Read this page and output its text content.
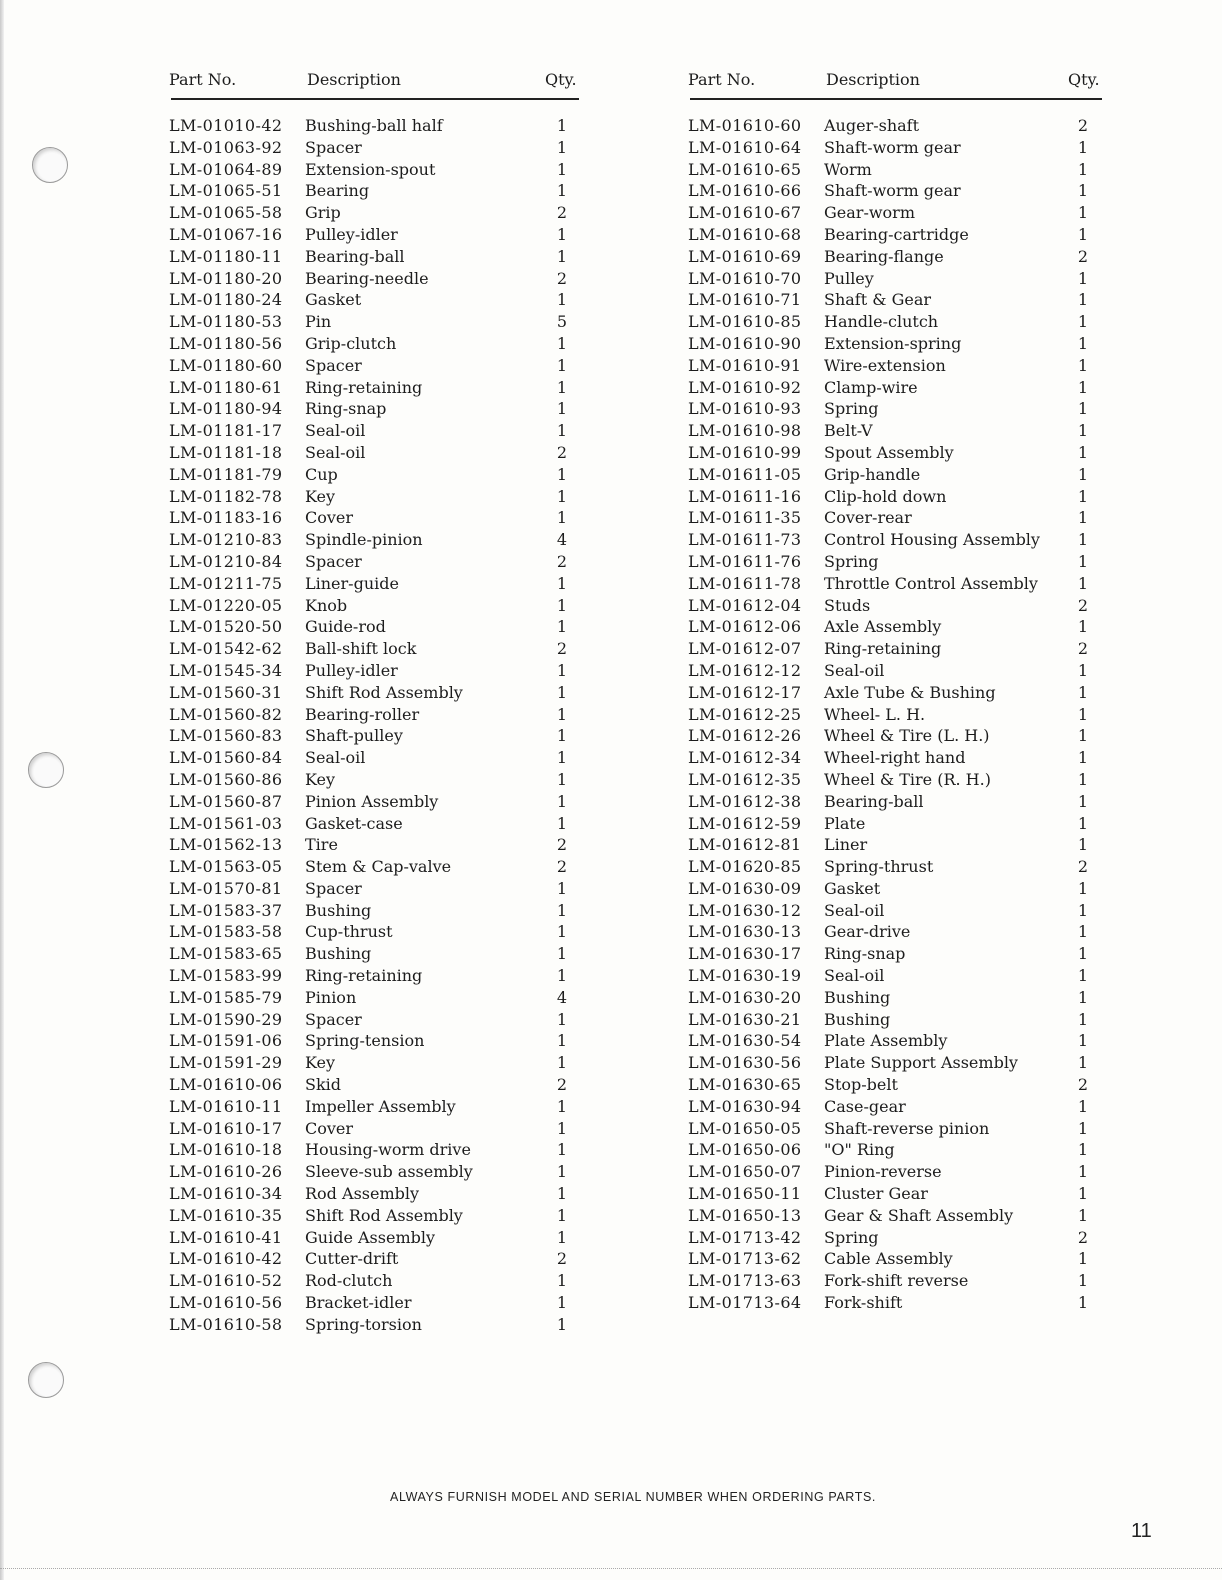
Part No.	Description	Qty.
LM-01010-42 Bushing-ball half	1
LM-01063-92 Spacer	1
LM-01064-89 Extension-spout	1
LM-01065-51 Bearing	1
LM-01065-58 Grip	2
LM-01067-16 Pulley-idler	1
LM-01180-11 Bearing-ball	1
LM-01180-20 Bearing-needle	2
LM-01180-24 Gasket	1
LM-01180-53 Pin	5
LM-01180-56 Grip-clutch	1
LM-01180-60 Spacer	1
LM-01180-61 Ring-retaining	1
LM-01180-94 Ring-snap	1
LM-01181-17 Seal-oil	1
LM-01181-18 Seal-oil	2
LM-01181-79 Cup	1
LM-01182-78 Key	1
LM-01183-16 Cover	1
LM-01210-83 Spindle-pinion	4
LM-01210-84 Spacer	2
LM-01211-75 Liner-guide	1
LM-01220-05 Knob	1
LM-01520-50 Guide-rod	1
LM-01542-62 Ball-shift lock	2
LM-01545-34 Pulley-idler	1
LM-01560-31 Shift Rod Assembly	1
LM-01560-82 Bearing-roller	1
LM-01560-83 Shaft-pulley	1
LM-01560-84 Seal-oil	1
LM-01560-86 Key	1
LM-01560-87 Pinion Assembly	1
LM-01561-03 Gasket-case	1
LM-01562-13 Tire	2
LM-01563-05 Stem & Cap-valve	2
LM-01570-81 Spacer	1
LM-01583-37 Bushing	1
LM-01583-58 Cup-thrust	1
LM-01583-65 Bushing	1
LM-01583-99 Ring-retaining	1
LM-01585-79 Pinion	4
LM-01590-29 Spacer	1
LM-01591-06 Spring-tension	1
LM-01591-29 Key	1
LM-01610-06 Skid	2
LM-01610-11 Impeller Assembly	1
LM-01610-17 Cover	1
LM-01610-18 Housing-worm drive	1
LM-01610-26 Sleeve-sub assembly	1
LM-01610-34 Rod Assembly	1
LM-01610-35 Shift Rod Assembly	1
LM-01610-41 Guide Assembly	1
LM-01610-42 Cutter-drift	2
LM-01610-52 Rod-clutch	1
LM-01610-56 Bracket-idler	1
LM-01610-58 Spring-torsion	1
Part No.	Description	Qty.
LM-01610-60 Auger-shaft	2
LM-01610-64 Shaft-worm gear	1
LM-01610-65 Worm	1
LM-01610-66 Shaft-worm gear	1
LM-01610-67 Gear-worm	1
LM-01610-68 Bearing-cartridge	1
LM-01610-69 Bearing-flange	2
LM-01610-70 Pulley	1
LM-01610-71 Shaft & Gear	1
LM-01610-85 Handle-clutch	1
LM-01610-90 Extension-spring	1
LM-01610-91 Wire-extension	1
LM-01610-92 Clamp-wire	1
LM-01610-93 Spring	1
LM-01610-98 Belt-V	1
LM-01610-99 Spout Assembly	1
LM-01611-05 Grip-handle	1
LM-01611-16 Clip-hold down	1
LM-01611-35 Cover-rear	1
LM-01611-73 Control Housing Assembly 1
LM-01611-76 Spring	1
LM-01611-78 Throttle Control Assembly	1
LM-01612-04 Studs	2
LM-01612-06 Axle Assembly	1
LM-01612-07 Ring-retaining	2
LM-01612-12 Seal-oil	1
LM-01612-17 Axle Tube & Bushing	1
LM-01612-25 Wheel- L. H.	1
LM-01612-26 Wheel & Tire (L. H.)	1
LM-01612-34 Wheel-right hand	1
LM-01612-35 Wheel & Tire (R. H.)	1
LM-01612-38 Bearing-ball	1
LM-01612-59 Plate	1
LM-01612-81 Liner	1
LM-01620-85 Spring-thrust	2
LM-01630-09 Gasket	1
LM-01630-12 Seal-oil	1
LM-01630-13 Gear-drive	1
LM-01630-17 Ring-snap	1
LM-01630-19 Seal-oil	1
LM-01630-20 Bushing	1
LM-01630-21 Bushing	1
LM-01630-54 Plate Assembly	1
LM-01630-56 Plate Support Assembly	1
LM-01630-65 Stop-belt	2
LM-01630-94 Case-gear	1
LM-01650-05 Shaft-reverse pinion	1
LM-01650-06 "O" Ring	1
LM-01650-07 Pinion-reverse	1
LM-01650-11 Cluster Gear	1
LM-01650-13 Gear & Shaft Assembly	1
LM-01713-42 Spring	2
LM-01713-62 Cable Assembly	1
LM-01713-63 Fork-shift reverse	1
LM-01713-64 Fork-shift	1
ALWAYS FURNISH MODEL AND SERIAL NUMBER WHEN ORDERING PARTS.
11
